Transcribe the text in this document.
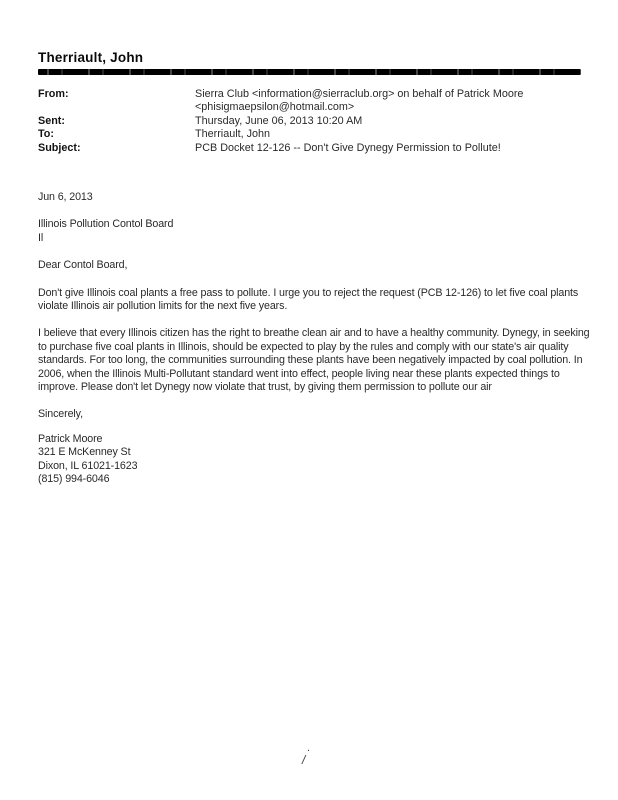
Therriault, John
From:	Sierra Club <information@sierraclub.org> on behalf of Patrick Moore
<phisigmaepsilon@hotmail.com>
Sent:	Thursday, June 06, 2013 10:20 AM
To:	Therriault, John
Subject:	PCB Docket 12-126 -- Don't Give Dynegy Permission to Pollute!

Jun 6, 2013

Illinois Pollution Contol Board
Il

Dear Contol Board,

Don't give Illinois coal plants a free pass to pollute. I urge you to reject the request (PCB 12-126) to let five coal plants violate Illinois air pollution limits for the next five years.

I believe that every Illinois citizen has the right to breathe clean air and to have a healthy community. Dynegy, in seeking to purchase five coal plants in Illinois, should be expected to play by the rules and comply with our state's air quality standards. For too long, the communities surrounding these plants have been negatively impacted by coal pollution. In 2006, when the Illinois Multi-Pollutant standard went into effect, people living near these plants expected things to improve. Please don't let Dynegy now violate that trust, by giving them permission to pollute our air

Sincerely,

Patrick Moore
321 E McKenney St
Dixon, IL 61021-1623
(815) 994-6046

.
/
